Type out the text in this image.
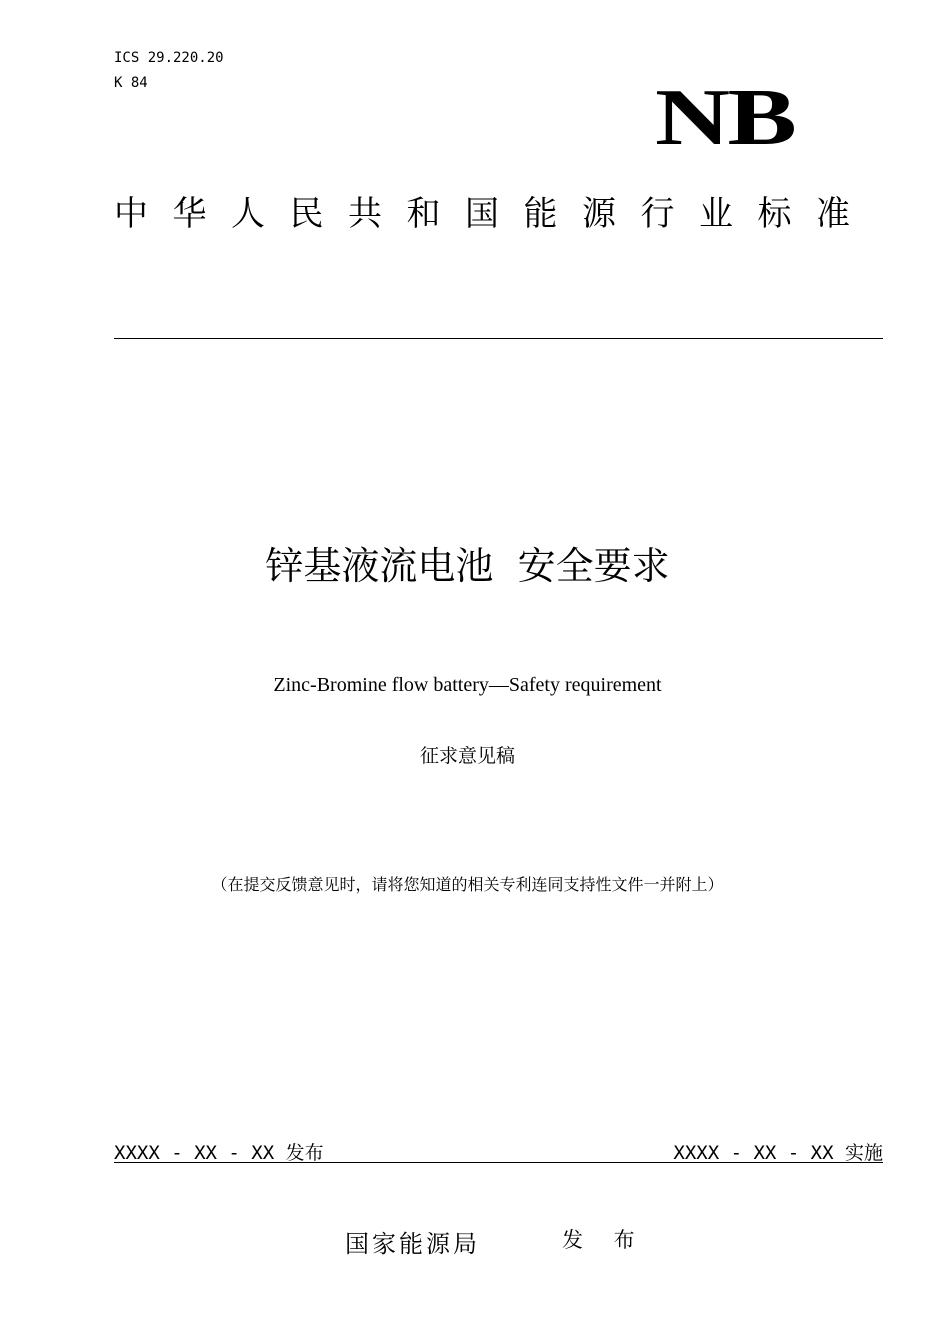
ICS 29.220.20
K 84	NB
中华人民共和国能源行业标准
锌基液流电池  安全要求
Zinc-Bromine flow battery—Safety requirement
征求意见稿
（在提交反馈意见时，请将您知道的相关专利连同支持性文件一并附上）
XXXX - XX - XX 发布	XXXX - XX - XX 实施
国家能源局	发 布
